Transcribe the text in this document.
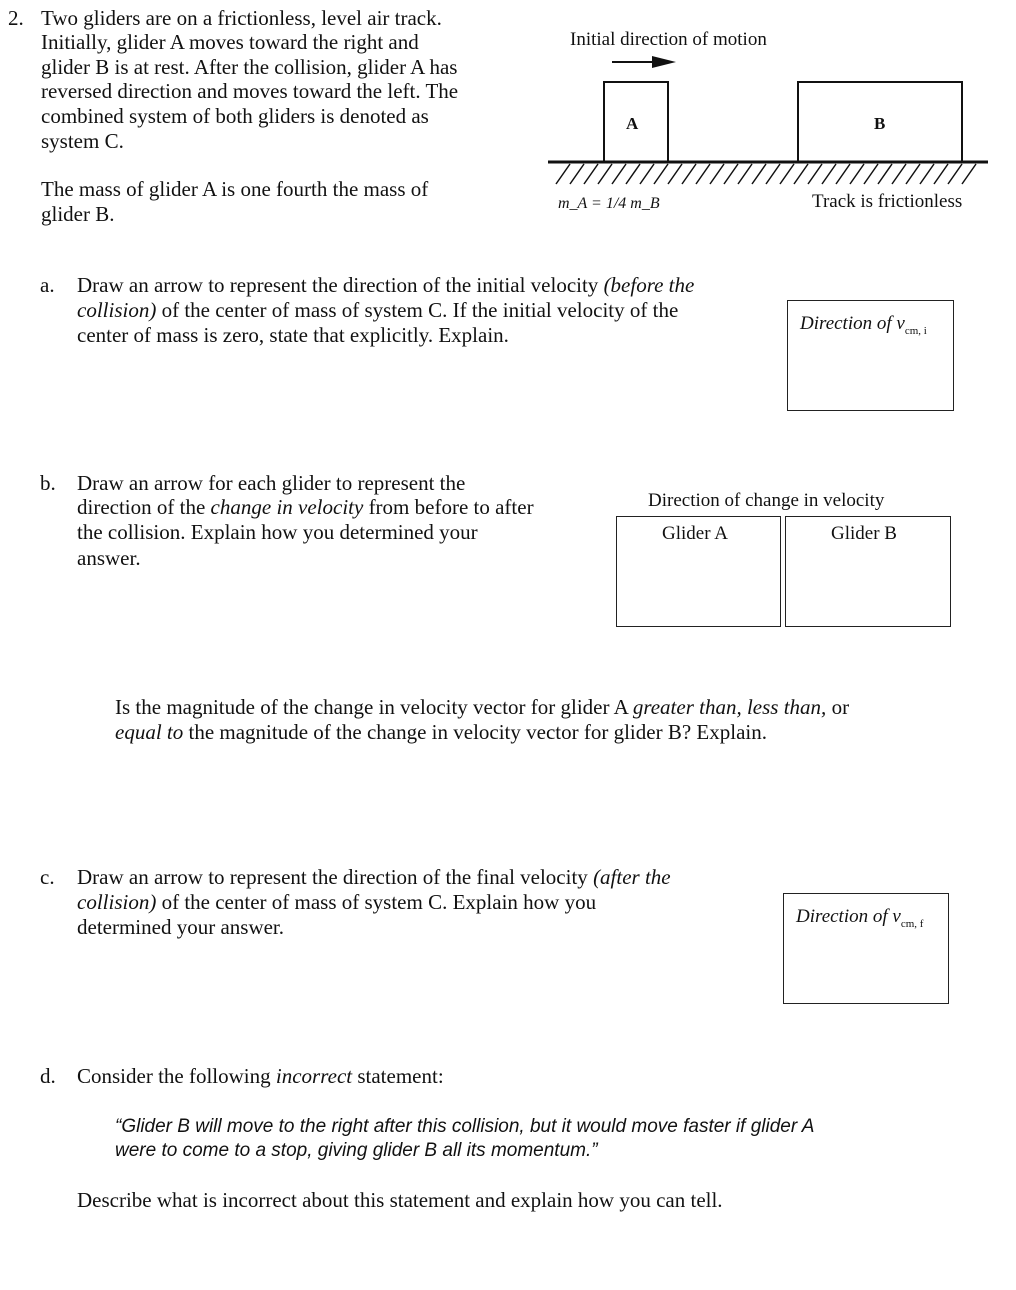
2. Two gliders are on a frictionless, level air track.
Initially, glider A moves toward the right and
glider B is at rest. After the collision, glider A has
reversed direction and moves toward the left. The
combined system of both gliders is denoted as
system C.
The mass of glider A is one fourth the mass of
glider B.
Initial direction of motion
A	B
m_A = 1/4 m_B	Track is frictionless
a. Draw an arrow to represent the direction of the initial velocity (before the
collision) of the center of mass of system C. If the initial velocity of the
center of mass is zero, state that explicitly. Explain.	Direction of $v_{cm, i}$
b. Draw an arrow for each glider to represent the
direction of the change in velocity from before to after
the collision. Explain how you determined your
answer.
Direction of change in velocity
Glider A	Glider B
Is the magnitude of the change in velocity vector for glider A greater than, less than, or
equal to the magnitude of the change in velocity vector for glider B? Explain.
c. Draw an arrow to represent the direction of the final velocity (after the
collision) of the center of mass of system C. Explain how you
determined your answer.	Direction of $v_{cm, f}$
d. Consider the following incorrect statement:
“Glider B will move to the right after this collision, but it would move faster if glider A
were to come to a stop, giving glider B all its momentum.”
Describe what is incorrect about this statement and explain how you can tell.
